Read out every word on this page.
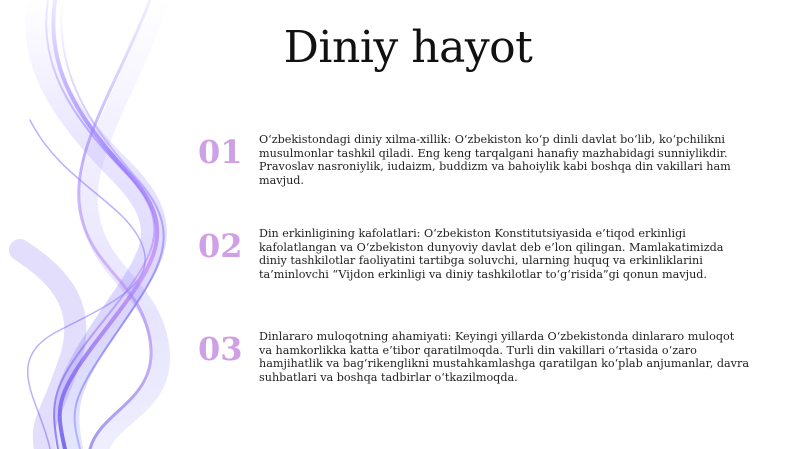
Diniy hayot
01 O‘zbekistondagi diniy xilma-xillik: O‘zbekiston ko‘p dinli davlat bo‘lib, ko‘pchilikni musulmonlar tashkil qiladi. Eng keng tarqalgani hanafiy mazhabidagi sunniylikdir. Pravoslav nasroniylik, iudaizm, buddizm va bahoiylik kabi boshqa din vakillari ham mavjud.
02 Din erkinligining kafolatlari: O‘zbekiston Konstitutsiyasida e’tiqod erkinligi kafolatlangan va O‘zbekiston dunyoviy davlat deb e’lon qilingan. Mamlakatimizda diniy tashkilotlar faoliyatini tartibga soluvchi, ularning huquq va erkinliklarini ta’minlovchi “Vijdon erkinligi va diniy tashkilotlar to‘g‘risida”gi qonun mavjud.
03 Dinlararo muloqotning ahamiyati: Keyingi yillarda O‘zbekistonda dinlararo muloqot va hamkorlikka katta e’tibor qaratilmoqda. Turli din vakillari o‘rtasida o‘zaro hamjihatlik va bag‘rikenglikni mustahkamlashga qaratilgan ko‘plab anjumanlar, davra suhbatlari va boshqa tadbirlar o‘tkazilmoqda.
